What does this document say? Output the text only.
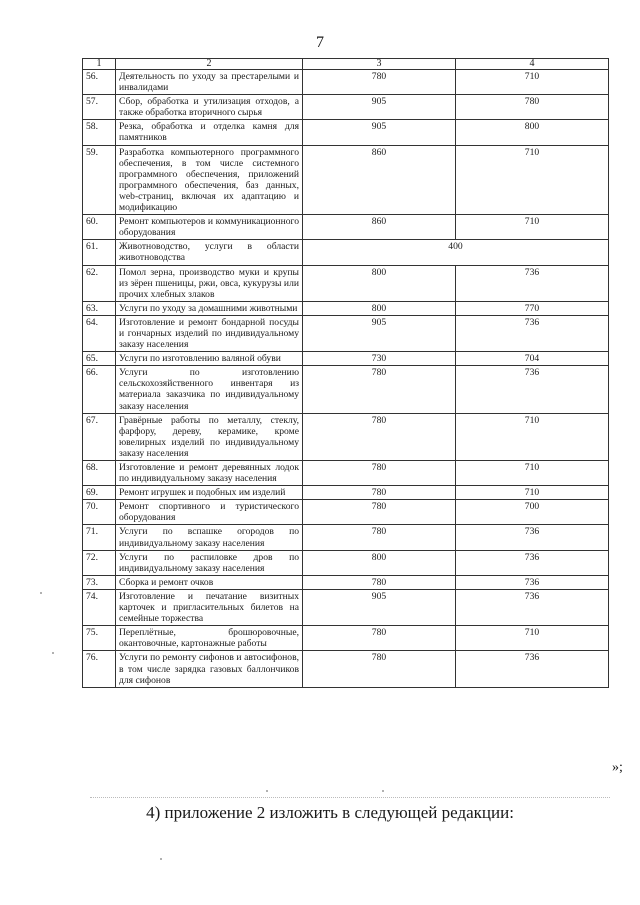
7
1	2	3	4
56.	Деятельность по уходу за престарелыми и инвалидами	780	710
57.	Сбор, обработка и утилизация отходов, а также обработка вторичного сырья	905	780
58.	Резка, обработка и отделка камня для памятников	905	800
59.	Разработка компьютерного программного обеспечения, в том числе системного программного обеспечения, приложений программного обеспечения, баз данных, web-страниц, включая их адаптацию и модификацию	860	710
60.	Ремонт компьютеров и коммуникационного оборудования	860	710
61.	Животноводство, услуги в области животноводства	400	
62.	Помол зерна, производство муки и крупы из зёрен пшеницы, ржи, овса, кукурузы или прочих хлебных злаков	800	736
63.	Услуги по уходу за домашними животными	800	770
64.	Изготовление и ремонт бондарной посуды и гончарных изделий по индивидуальному заказу населения	905	736
65.	Услуги по изготовлению валяной обуви	730	704
66.	Услуги по изготовлению сельскохозяйственного инвентаря из материала заказчика по индивидуальному заказу населения	780	736
67.	Гравёрные работы по металлу, стеклу, фарфору, дереву, керамике, кроме ювелирных изделий по индивидуальному заказу населения	780	710
68.	Изготовление и ремонт деревянных лодок по индивидуальному заказу населения	780	710
69.	Ремонт игрушек и подобных им изделий	780	710
70.	Ремонт спортивного и туристического оборудования	780	700
71.	Услуги по вспашке огородов по индивидуальному заказу населения	780	736
72.	Услуги по распиловке дров по индивидуальному заказу населения	800	736
73.	Сборка и ремонт очков	780	736
74.	Изготовление и печатание визитных карточек и пригласительных билетов на семейные торжества	905	736
75.	Переплётные, брошюровочные, окантовочные, картонажные работы	780	710
76.	Услуги по ремонту сифонов и автосифонов, в том числе зарядка газовых баллончиков для сифонов	780	736
»;
4) приложение 2 изложить в следующей редакции:
